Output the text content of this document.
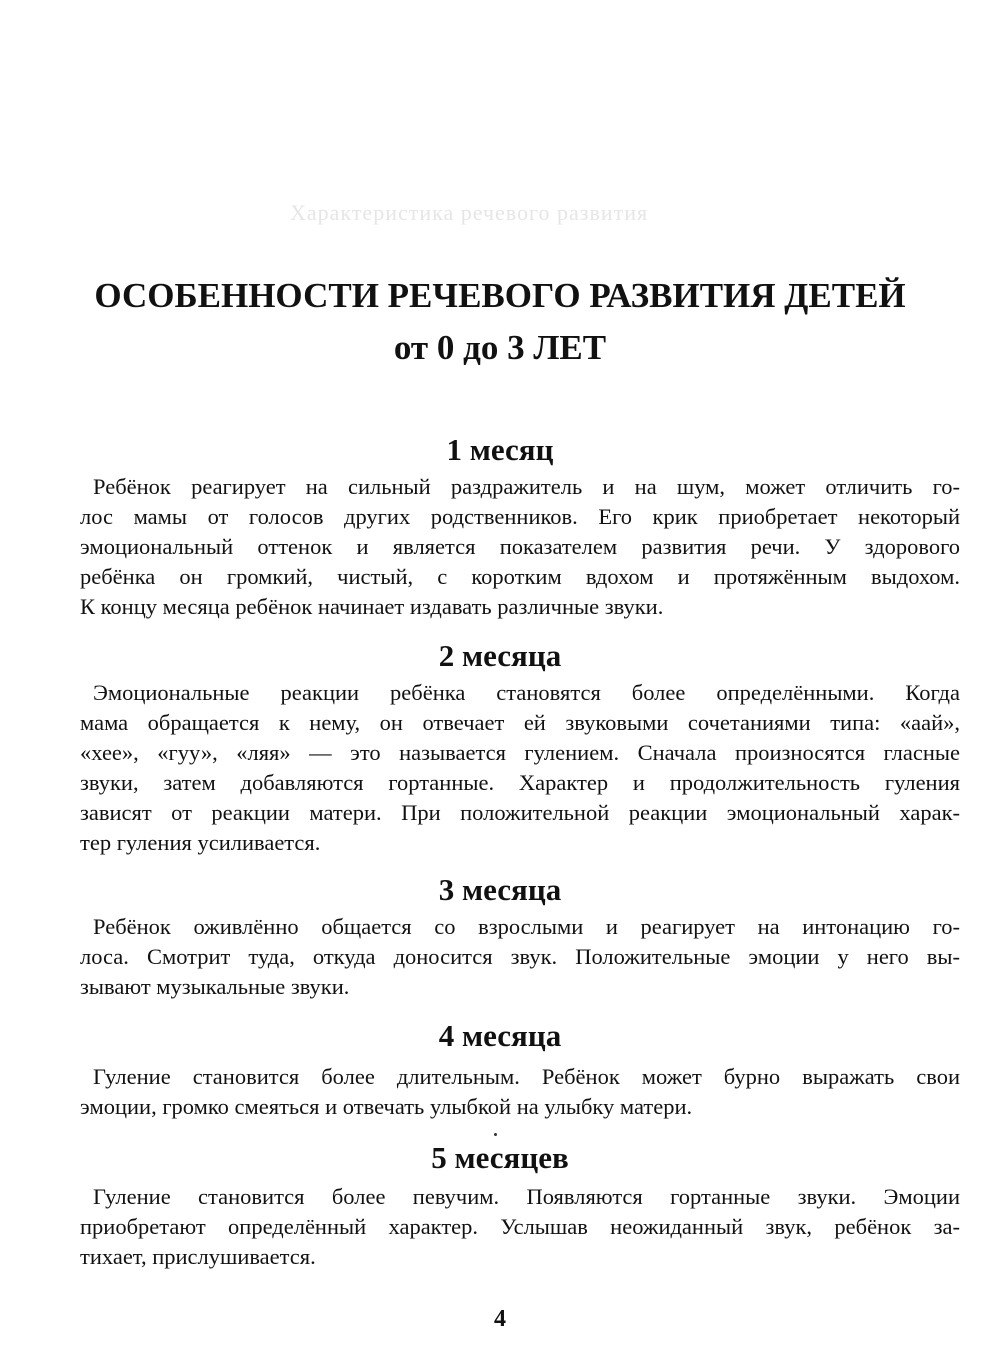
Характеристика речевого развития
ОСОБЕННОСТИ РЕЧЕВОГО РАЗВИТИЯ ДЕТЕЙ
от 0 до 3 ЛЕТ
1 месяц

Ребёнок реагирует на сильный раздражитель и на шум, может отличить го-
лос мамы от голосов других родственников. Его крик приобретает некоторый
эмоциональный оттенок и является показателем развития речи. У здорового
ребёнка он громкий, чистый, с коротким вдохом и протяжённым выдохом.
К концу месяца ребёнок начинает издавать различные звуки.

2 месяца

Эмоциональные реакции ребёнка становятся более определёнными. Когда
мама обращается к нему, он отвечает ей звуковыми сочетаниями типа: «аай»,
«хее», «гуу», «ляя» — это называется гулением. Сначала произносятся гласные
звуки, затем добавляются гортанные. Характер и продолжительность гуления
зависят от реакции матери. При положительной реакции эмоциональный харак-
тер гуления усиливается.

3 месяца

Ребёнок оживлённо общается со взрослыми и реагирует на интонацию го-
лоса. Смотрит туда, откуда доносится звук. Положительные эмоции у него вы-
зывают музыкальные звуки.

4 месяца

Гуление становится более длительным. Ребёнок может бурно выражать свои
эмоции, громко смеяться и отвечать улыбкой на улыбку матери.

5 месяцев

Гуление становится более певучим. Появляются гортанные звуки. Эмоции
приобретают определённый характер. Услышав неожиданный звук, ребёнок за-
тихает, прислушивается.

4
